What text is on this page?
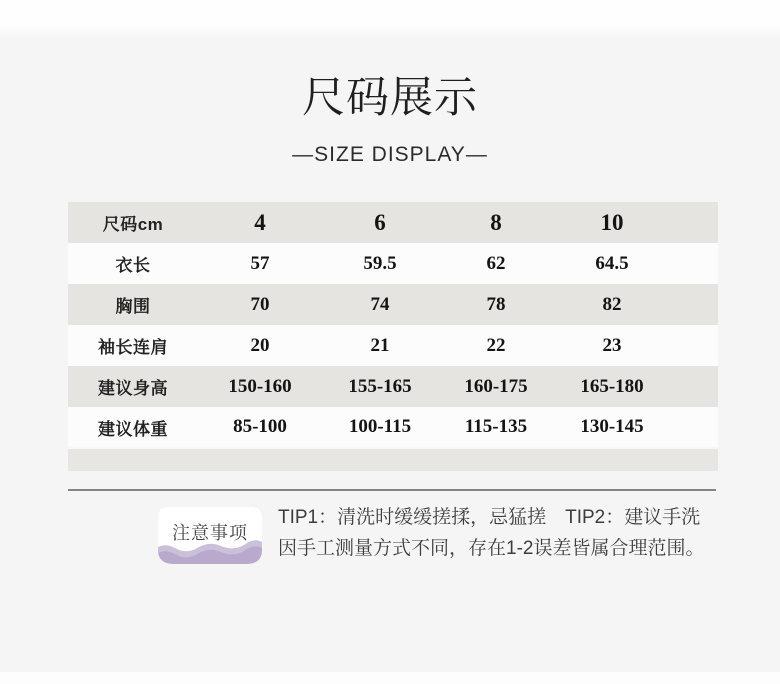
尺码展示
—SIZE DISPLAY—
尺码cm	4	6	8	10	
衣长	57	59.5	62	64.5	
胸围	70	74	78	82	
袖长连肩	20	21	22	23	
建议身高	150-160	155-165	160-175	165-180	
建议体重	85-100	100-115	115-135	130-145	

注意事项
TIP1：清洗时缓缓搓揉，忌猛搓　TIP2：建议手洗
因手工测量方式不同，存在1-2误差皆属合理范围。
